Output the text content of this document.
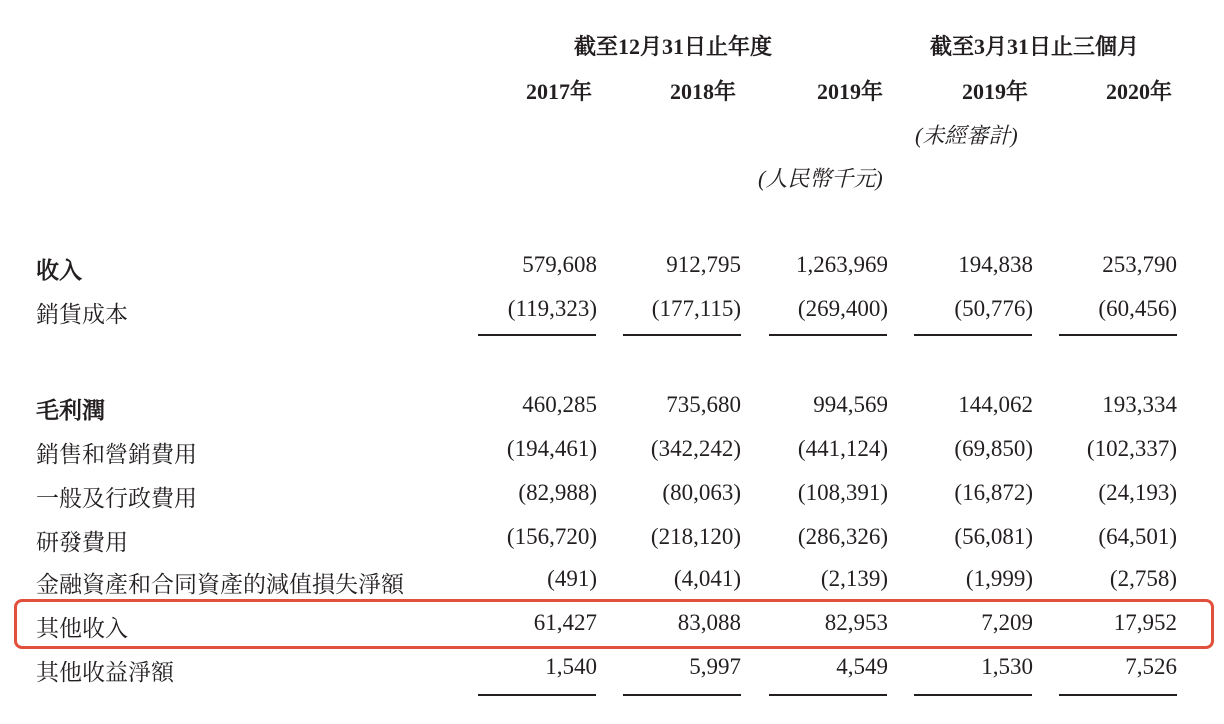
截至12月31日止年度	截至3月31日止三個月
2017年	2018年	2019年	2019年	2020年
(未經審計)
(人民幣千元)
收入	579,608	912,795 1,263,969	194,838	253,790
銷貨成本	(119,323) (177,115) (269,400)	(50,776)	(60,456)
毛利潤	460,285	735,680	994,569	144,062	193,334
銷售和營銷費用	(194,461) (342,242) (441,124)	(69,850) (102,337)
一般及行政費用	(82,988)	(80,063) (108,391)	(16,872)	(24,193)
研發費用	(156,720) (218,120) (286,326)	(56,081)	(64,501)
金融資產和合同資產的減值損失淨額	(491)	(4,041)	(2,139)	(1,999)	(2,758)
其他收入	61,427	83,088	82,953	7,209	17,952
其他收益淨額	1,540	5,997	4,549	1,530	7,526
